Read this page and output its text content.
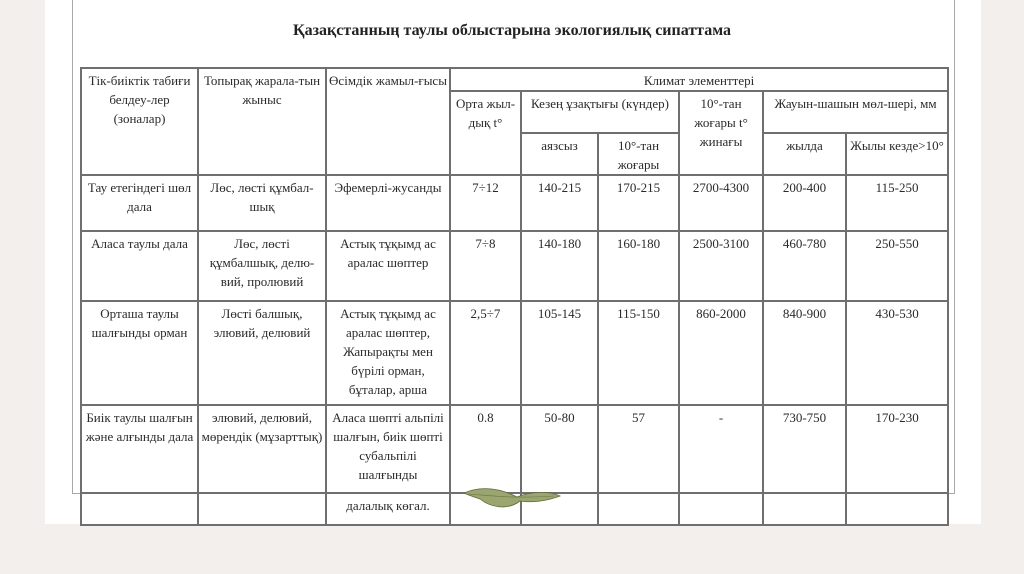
Қазақстанның таулы облыстарына экологиялық сипаттама
Тік-биіктік табиғи белдеу-лер (зоналар)	Топырақ жарала-тын жыныс	Өсімдік жамыл-ғысы	Климат элементтері					
			Орта жыл-дық t°	Кезең ұзақтығы (күндер)		10°-тан жоғары t° жинағы	Жауын-шашын мөл-шері, мм	
				аязсыз	10°-тан жоғары		жылда	Жылы кезде>10°
Тау етегіндегі шөл дала	Лөс, лөсті құмбал-шық	Эфемерлі-жусанды	7÷12	140-215	170-215	2700-4300	200-400	115-250
Аласа таулы дала	Лөс, лөсті құмбалшық, делю-вий, пролювий	Астық тұқымд ас аралас шөптер	7÷8	140-180	160-180	2500-3100	460-780	250-550
Орташа таулы шалғынды орман	Лөсті балшық, элювий, делювий	Астық тұқымд ас аралас шөптер, Жапырақты мен бүрілі орман, бұталар, арша	2,5÷7	105-145	115-150	860-2000	840-900	430-530
Биік таулы шалғын және алғынды дала	элювий, делювий, мөрендік (мұзарттық)	Аласа шөпті альпілі шалғын, биік шөпті субальпілі шалғынды	0.8	50-80	57	-	730-750	170-230
		далалық көгал.						
